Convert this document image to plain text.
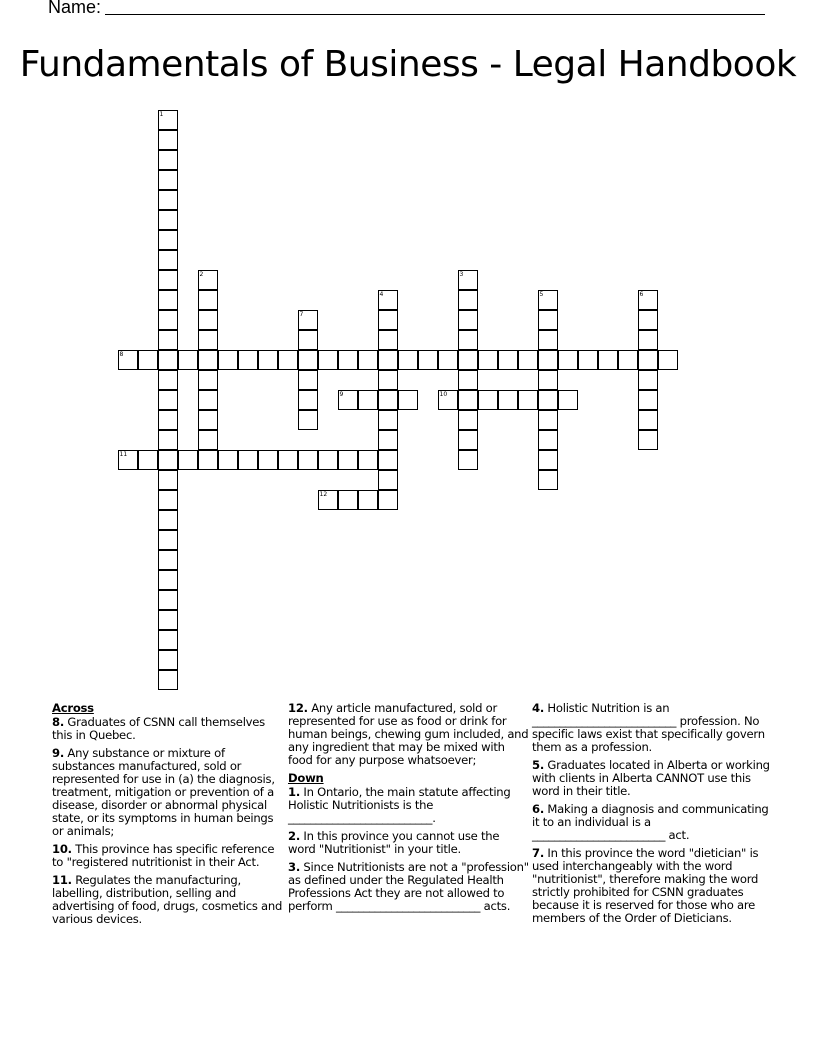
Name:
Fundamentals of Business - Legal Handbook
1
2	3
4	5	6
7
8
9	10
11
12
Across
8. Graduates of CSNN call themselves this in Quebec.
9. Any substance or mixture of substances manufactured, sold or represented for use in (a) the diagnosis, treatment, mitigation or prevention of a disease, disorder or abnormal physical state, or its symptoms in human beings or animals;
10. This province has specific reference to "registered nutritionist in their Act.
11. Regulates the manufacturing, labelling, distribution, selling and advertising of food, drugs, cosmetics and various devices.
12. Any article manufactured, sold or represented for use as food or drink for human beings, chewing gum included, and any ingredient that may be mixed with food for any purpose whatsoever;
Down
1. In Ontario, the main statute affecting Holistic Nutritionists is the __________________________.
2. In this province you cannot use the word "Nutritionist" in your title.
3. Since Nutritionists are not a "profession" as defined under the Regulated Health Professions Act they are not allowed to perform __________________________ acts.
4. Holistic Nutrition is an __________________________ profession. No specific laws exist that specifically govern them as a profession.
5. Graduates located in Alberta or working with clients in Alberta CANNOT use this word in their title.
6. Making a diagnosis and communicating it to an individual is a ________________________ act.
7. In this province the word "dietician" is used interchangeably with the word "nutritionist", therefore making the word strictly prohibited for CSNN graduates because it is reserved for those who are members of the Order of Dieticians.
